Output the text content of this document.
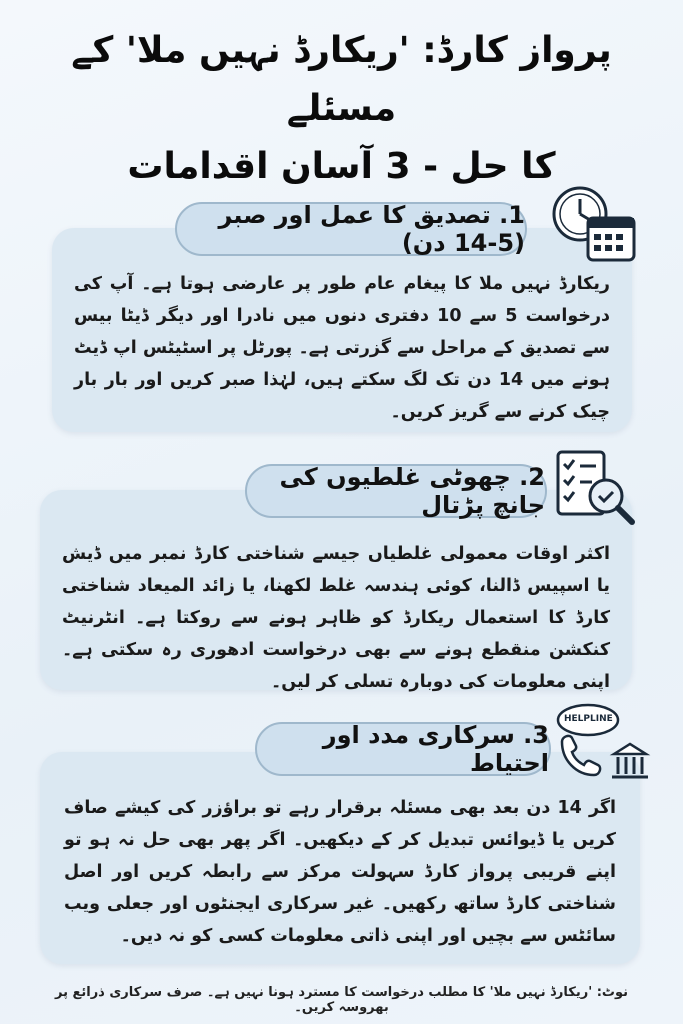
پرواز کارڈ: 'ریکارڈ نہیں ملا' کے مسئلے
کا حل - 3 آسان اقدامات

ریکارڈ نہیں ملا کا پیغام عام طور پر عارضی ہوتا ہے۔ آپ کی درخواست 5 سے 10 دفتری دنوں میں نادرا اور دیگر ڈیٹا بیس سے تصدیق کے مراحل سے گزرتی ہے۔ پورٹل پر اسٹیٹس اپ ڈیٹ ہونے میں 14 دن تک لگ سکتے ہیں، لہٰذا صبر کریں اور بار بار چیک کرنے سے گریز کریں۔

1. تصدیق کا عمل اور صبر (5-14 دن)

اکثر اوقات معمولی غلطیاں جیسے شناختی کارڈ نمبر میں ڈیش یا اسپیس ڈالنا، کوئی ہندسہ غلط لکھنا، یا زائد المیعاد شناختی کارڈ کا استعمال ریکارڈ کو ظاہر ہونے سے روکتا ہے۔ انٹرنیٹ کنکشن منقطع ہونے سے بھی درخواست ادھوری رہ سکتی ہے۔ اپنی معلومات کی دوبارہ تسلی کر لیں۔

2. چھوٹی غلطیوں کی جانچ پڑتال

اگر 14 دن بعد بھی مسئلہ برقرار رہے تو براؤزر کی کیشے صاف کریں یا ڈیوائس تبدیل کر کے دیکھیں۔ اگر پھر بھی حل نہ ہو تو اپنے قریبی پرواز کارڈ سہولت مرکز سے رابطہ کریں اور اصل شناختی کارڈ ساتھ رکھیں۔ غیر سرکاری ایجنٹوں اور جعلی ویب سائٹس سے بچیں اور اپنی ذاتی معلومات کسی کو نہ دیں۔

3. سرکاری مدد اور احتیاط
HELPLINE
نوٹ: 'ریکارڈ نہیں ملا' کا مطلب درخواست کا مسترد ہونا نہیں ہے۔ صرف سرکاری ذرائع پر بھروسہ کریں۔
